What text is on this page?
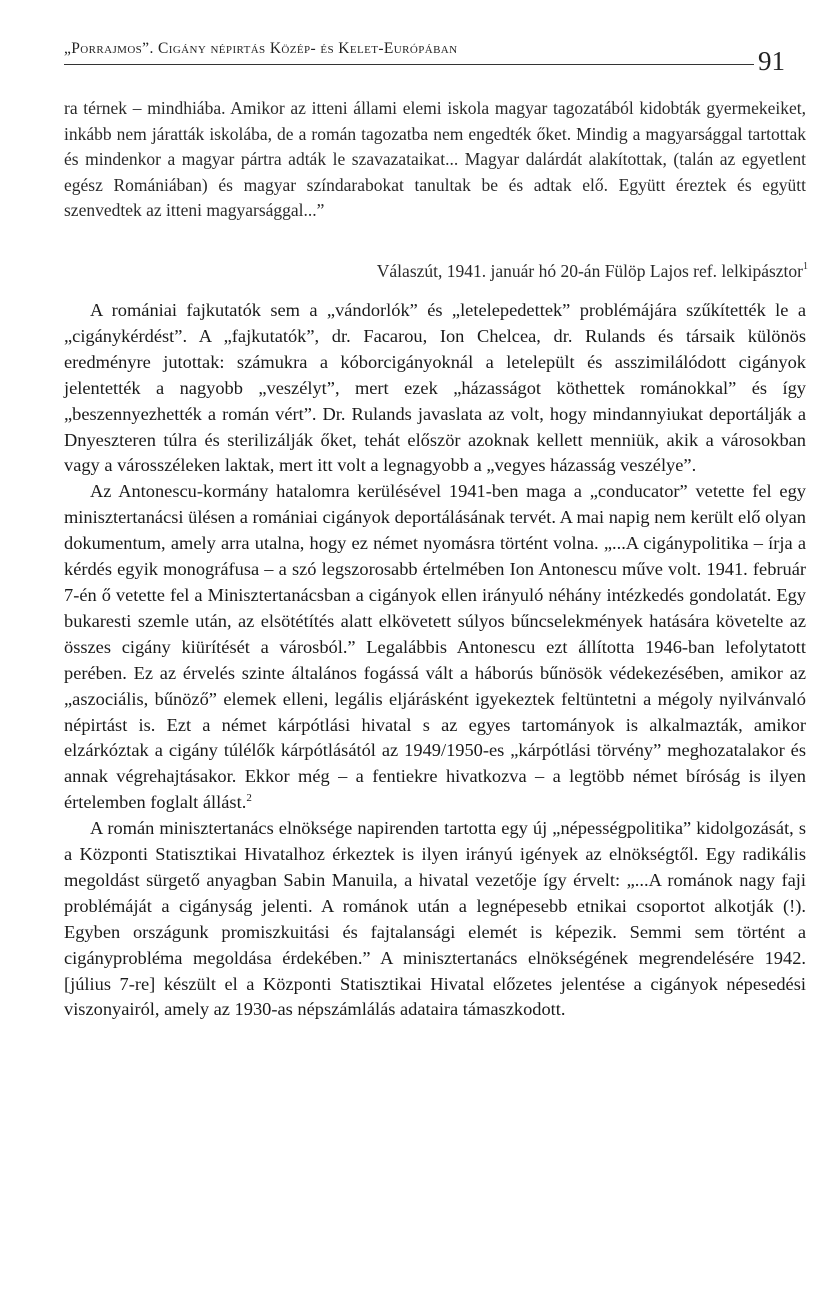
„Porrajmos”. Cigány népirtás Közép- és Kelet-Európában	91

ra térnek – mindhiába. Amikor az itteni állami elemi iskola magyar tagozatából kidobták gyermekeiket, inkább nem járatták iskolába, de a román tagozatba nem engedték őket. Mindig a magyarsággal tartottak és mindenkor a magyar pártra adták le szavazataikat... Magyar dalárdát alakítottak, (talán az egyetlent egész Romániában) és magyar színdarabokat tanultak be és adtak elő. Együtt éreztek és együtt szenvedtek az itteni magyarsággal...”

Válaszút, 1941. január hó 20-án Fülöp Lajos ref. lelkipásztor$^1$

A romániai fajkutatók sem a „vándorlók” és „letelepedettek” problémájára szűkítették le a „cigánykérdést”. A „fajkutatók”, dr. Facarou, Ion Chelcea, dr. Rulands és társaik különös eredményre jutottak: számukra a kóborcigányoknál a letelepült és asszimilálódott cigányok jelentették a nagyobb „veszélyt”, mert ezek „házasságot köthettek románokkal” és így „beszennyezhették a román vért”. Dr. Rulands javaslata az volt, hogy mindannyiukat deportálják a Dnyeszteren túlra és sterilizálják őket, tehát először azoknak kellett menniük, akik a városokban vagy a városszéleken laktak, mert itt volt a legnagyobb a „vegyes házasság veszélye”.

Az Antonescu-kormány hatalomra kerülésével 1941-ben maga a „conducator” vetette fel egy minisztertanácsi ülésen a romániai cigányok deportálásának tervét. A mai napig nem került elő olyan dokumentum, amely arra utalna, hogy ez német nyomásra történt volna. „...A cigánypolitika – írja a kérdés egyik monográfusa – a szó legszorosabb értelmében Ion Antonescu műve volt. 1941. február 7-én ő vetette fel a Minisztertanácsban a cigányok ellen irányuló néhány intézkedés gondolatát. Egy bukaresti szemle után, az elsötétítés alatt elkövetett súlyos bűncselekmények hatására követelte az összes cigány kiürítését a városból.” Legalábbis Antonescu ezt állította 1946-ban lefolytatott perében. Ez az érvelés szinte általános fogássá vált a háborús bűnösök védekezésében, amikor az „aszociális, bűnöző” elemek elleni, legális eljárásként igyekeztek feltüntetni a mégoly nyilvánvaló népirtást is. Ezt a német kárpótlási hivatal s az egyes tartományok is alkalmazták, amikor elzárkóztak a cigány túlélők kárpótlásától az 1949/1950-es „kárpótlási törvény” meghozatalakor és annak végrehajtásakor. Ekkor még – a fentiekre hivatkozva – a legtöbb német bíróság is ilyen értelemben foglalt állást.$^2$

A román minisztertanács elnöksége napirenden tartotta egy új „népességpolitika” kidolgozását, s a Központi Statisztikai Hivatalhoz érkeztek is ilyen irányú igények az elnökségtől. Egy radikális megoldást sürgető anyagban Sabin Manuila, a hivatal vezetője így érvelt: „...A románok nagy faji problémáját a cigányság jelenti. A románok után a legnépesebb etnikai csoportot alkotják (!). Egyben országunk promiszkuitási és fajtalansági elemét is képezik. Semmi sem történt a cigányprobléma megoldása érdekében.” A minisztertanács elnökségének megrendelésére 1942. [július 7-re] készült el a Központi Statisztikai Hivatal előzetes jelentése a cigányok népesedési viszonyairól, amely az 1930-as népszámlálás adataira támaszkodott.
